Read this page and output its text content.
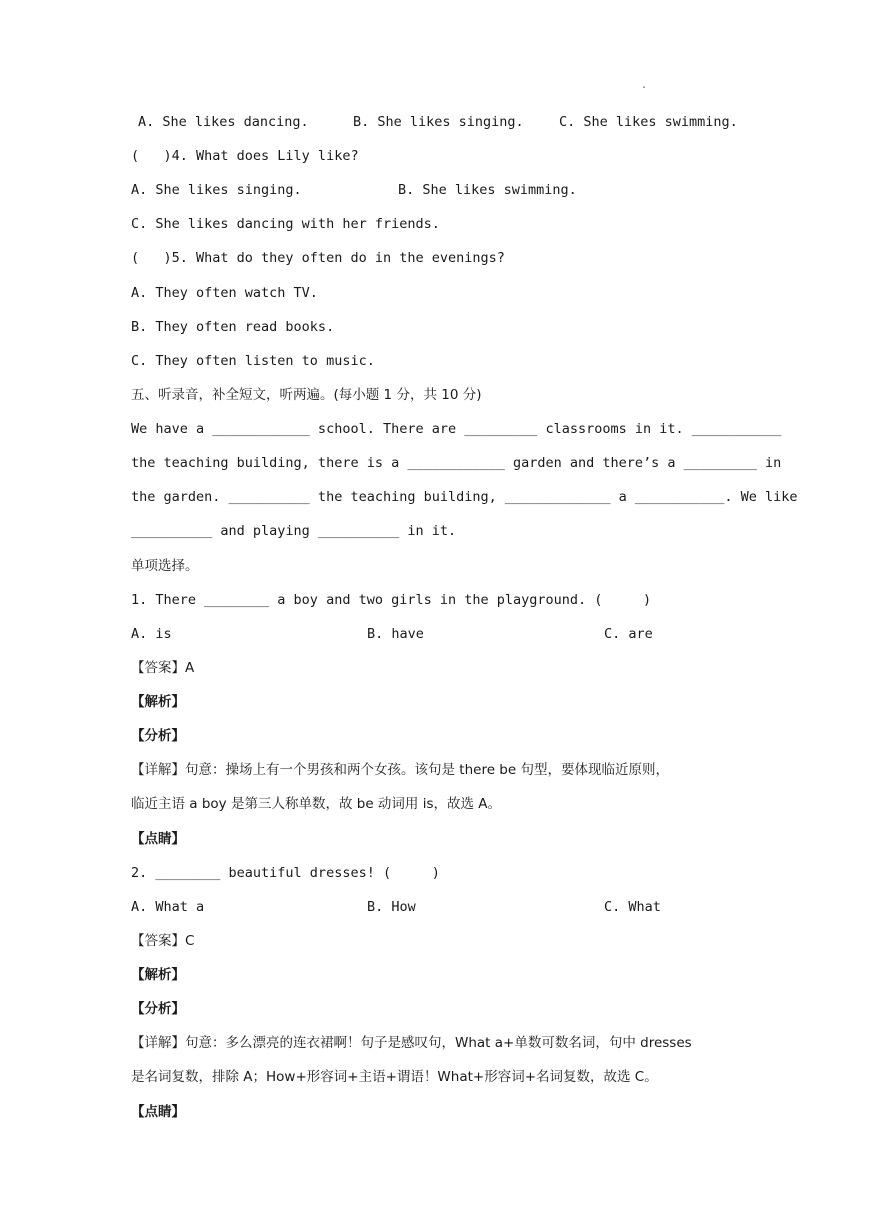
.

A. She likes dancing.

	B. She likes singing.

	C. She likes swimming.

(   )4. What does Lily like?

A. She likes singing.

	B. She likes swimming.

C. She likes dancing with her friends.
(   )5. What do they often do in the evenings?
A. They often watch TV.
B. They often read books.
C. They often listen to music.
五、听录音，补全短文，听两遍。(每小题 1 分，共 10 分)
We have a ____________ school. There are _________ classrooms in it. ___________
the teaching building, there is a ____________ garden and there’s a _________ in
the garden. __________ the teaching building, _____________ a ___________. We like
__________ and playing __________ in it.
单项选择。
1. There ________ a boy and two girls in the playground. (     )

A. is

	B. have

	C. are

【答案】A
【解析】
【分析】
【详解】句意：操场上有一个男孩和两个女孩。该句是 there be 句型，要体现临近原则，
临近主语 a boy 是第三人称单数，故 be 动词用 is，故选 A。
【点睛】
2. ________ beautiful dresses! (     )

A. What a

	B. How

	C. What

【答案】C
【解析】
【分析】
【详解】句意：多么漂亮的连衣裙啊！句子是感叹句，What a+单数可数名词，句中 dresses
是名词复数，排除 A；How+形容词+主语+谓语！What+形容词+名词复数，故选 C。
【点睛】
